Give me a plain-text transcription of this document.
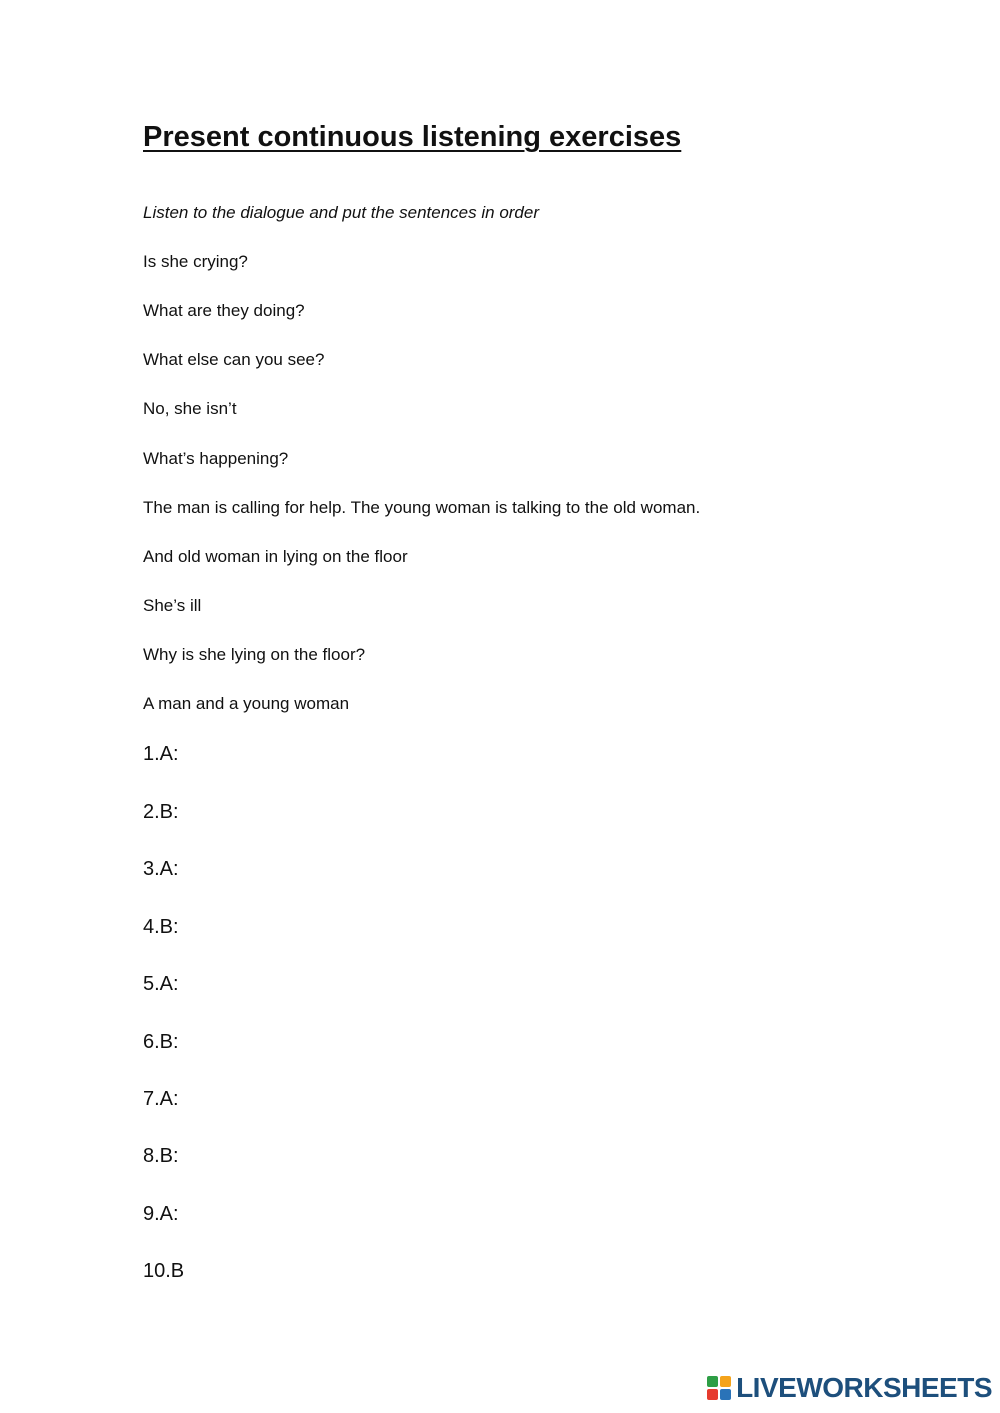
Present continuous listening exercises

Listen to the dialogue and put the sentences in order

Is she crying?

What are they doing?

What else can you see?

No, she isn’t

What’s happening?

The man is calling for help. The young woman is talking to the old woman.

And old woman in lying on the floor

She’s ill

Why is she lying on the floor?

A man and a young woman

1.A:

2.B:

3.A:

4.B:

5.A:

6.B:

7.A:

8.B:

9.A:

10.B

LIVEWORKSHEETS
